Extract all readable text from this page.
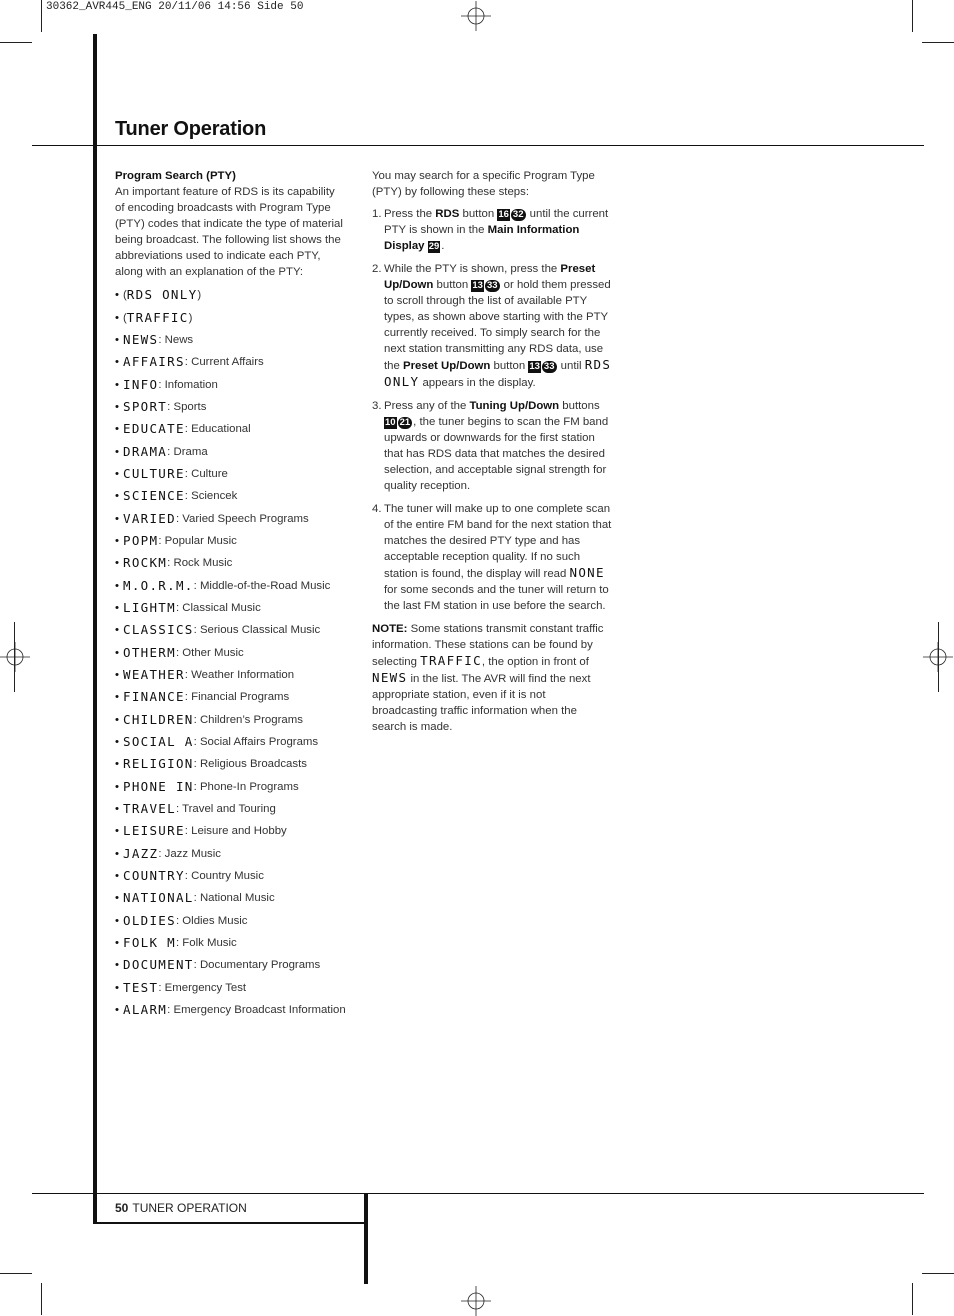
30362_AVR445_ENG 20/11/06 14:56 Side 50
Tuner Operation
Program Search (PTY)
An important feature of RDS is its capability of encoding broadcasts with Program Type (PTY) codes that indicate the type of material being broadcast. The following list shows the abbreviations used to indicate each PTY, along with an explanation of the PTY:
• ( RDS ONLY )
• ( TRAFFIC )
• NEWS : News
• AFFAIRS : Current Affairs
• INFO : Infomation
• SPORT : Sports
• EDUCATE : Educational
• DRAMA : Drama
• CULTURE : Culture
• SCIENCE : Sciencek
• VARIED : Varied Speech Programs
• POPM : Popular Music
• ROCKM : Rock Music
• M.O.R.M. : Middle-of-the-Road Music
• LIGHTM : Classical Music
• CLASSICS : Serious Classical Music
• OTHERM : Other Music
• WEATHER : Weather Information
• FINANCE : Financial Programs
• CHILDREN : Children’s Programs
• SOCIAL A : Social Affairs Programs
• RELIGION : Religious Broadcasts
• PHONE IN : Phone-In Programs
• TRAVEL : Travel and Touring
• LEISURE : Leisure and Hobby
• JAZZ : Jazz Music
• COUNTRY : Country Music
• NATIONAL : National Music
• OLDIES : Oldies Music
• FOLK M : Folk Music
• DOCUMENT : Documentary Programs
• TEST : Emergency Test
• ALARM : Emergency Broadcast Information
You may search for a specific Program Type (PTY) by following these steps:
1. Press the RDS button 16 32 until the current PTY is shown in the Main Information Display 29 .
2. While the PTY is shown, press the Preset Up/Down button 13 33 or hold them pressed to scroll through the list of available PTY types, as shown above starting with the PTY currently received. To simply search for the next station transmitting any RDS data, use the Preset Up/Down button 13 33 until RDS ONLY appears in the display.
3. Press any of the Tuning Up/Down buttons 10 21 , the tuner begins to scan the FM band upwards or downwards for the first station that has RDS data that matches the desired selection, and acceptable signal strength for quality reception.
4. The tuner will make up to one complete scan of the entire FM band for the next station that matches the desired PTY type and has acceptable reception quality. If no such station is found, the display will read NONE for some seconds and the tuner will return to the last FM station in use before the search.
NOTE: Some stations transmit constant traffic information. These stations can be found by selecting TRAFFIC, the option in front of NEWS in the list. The AVR will find the next appropriate station, even if it is not broadcasting traffic information when the search is made.
50 TUNER OPERATION
